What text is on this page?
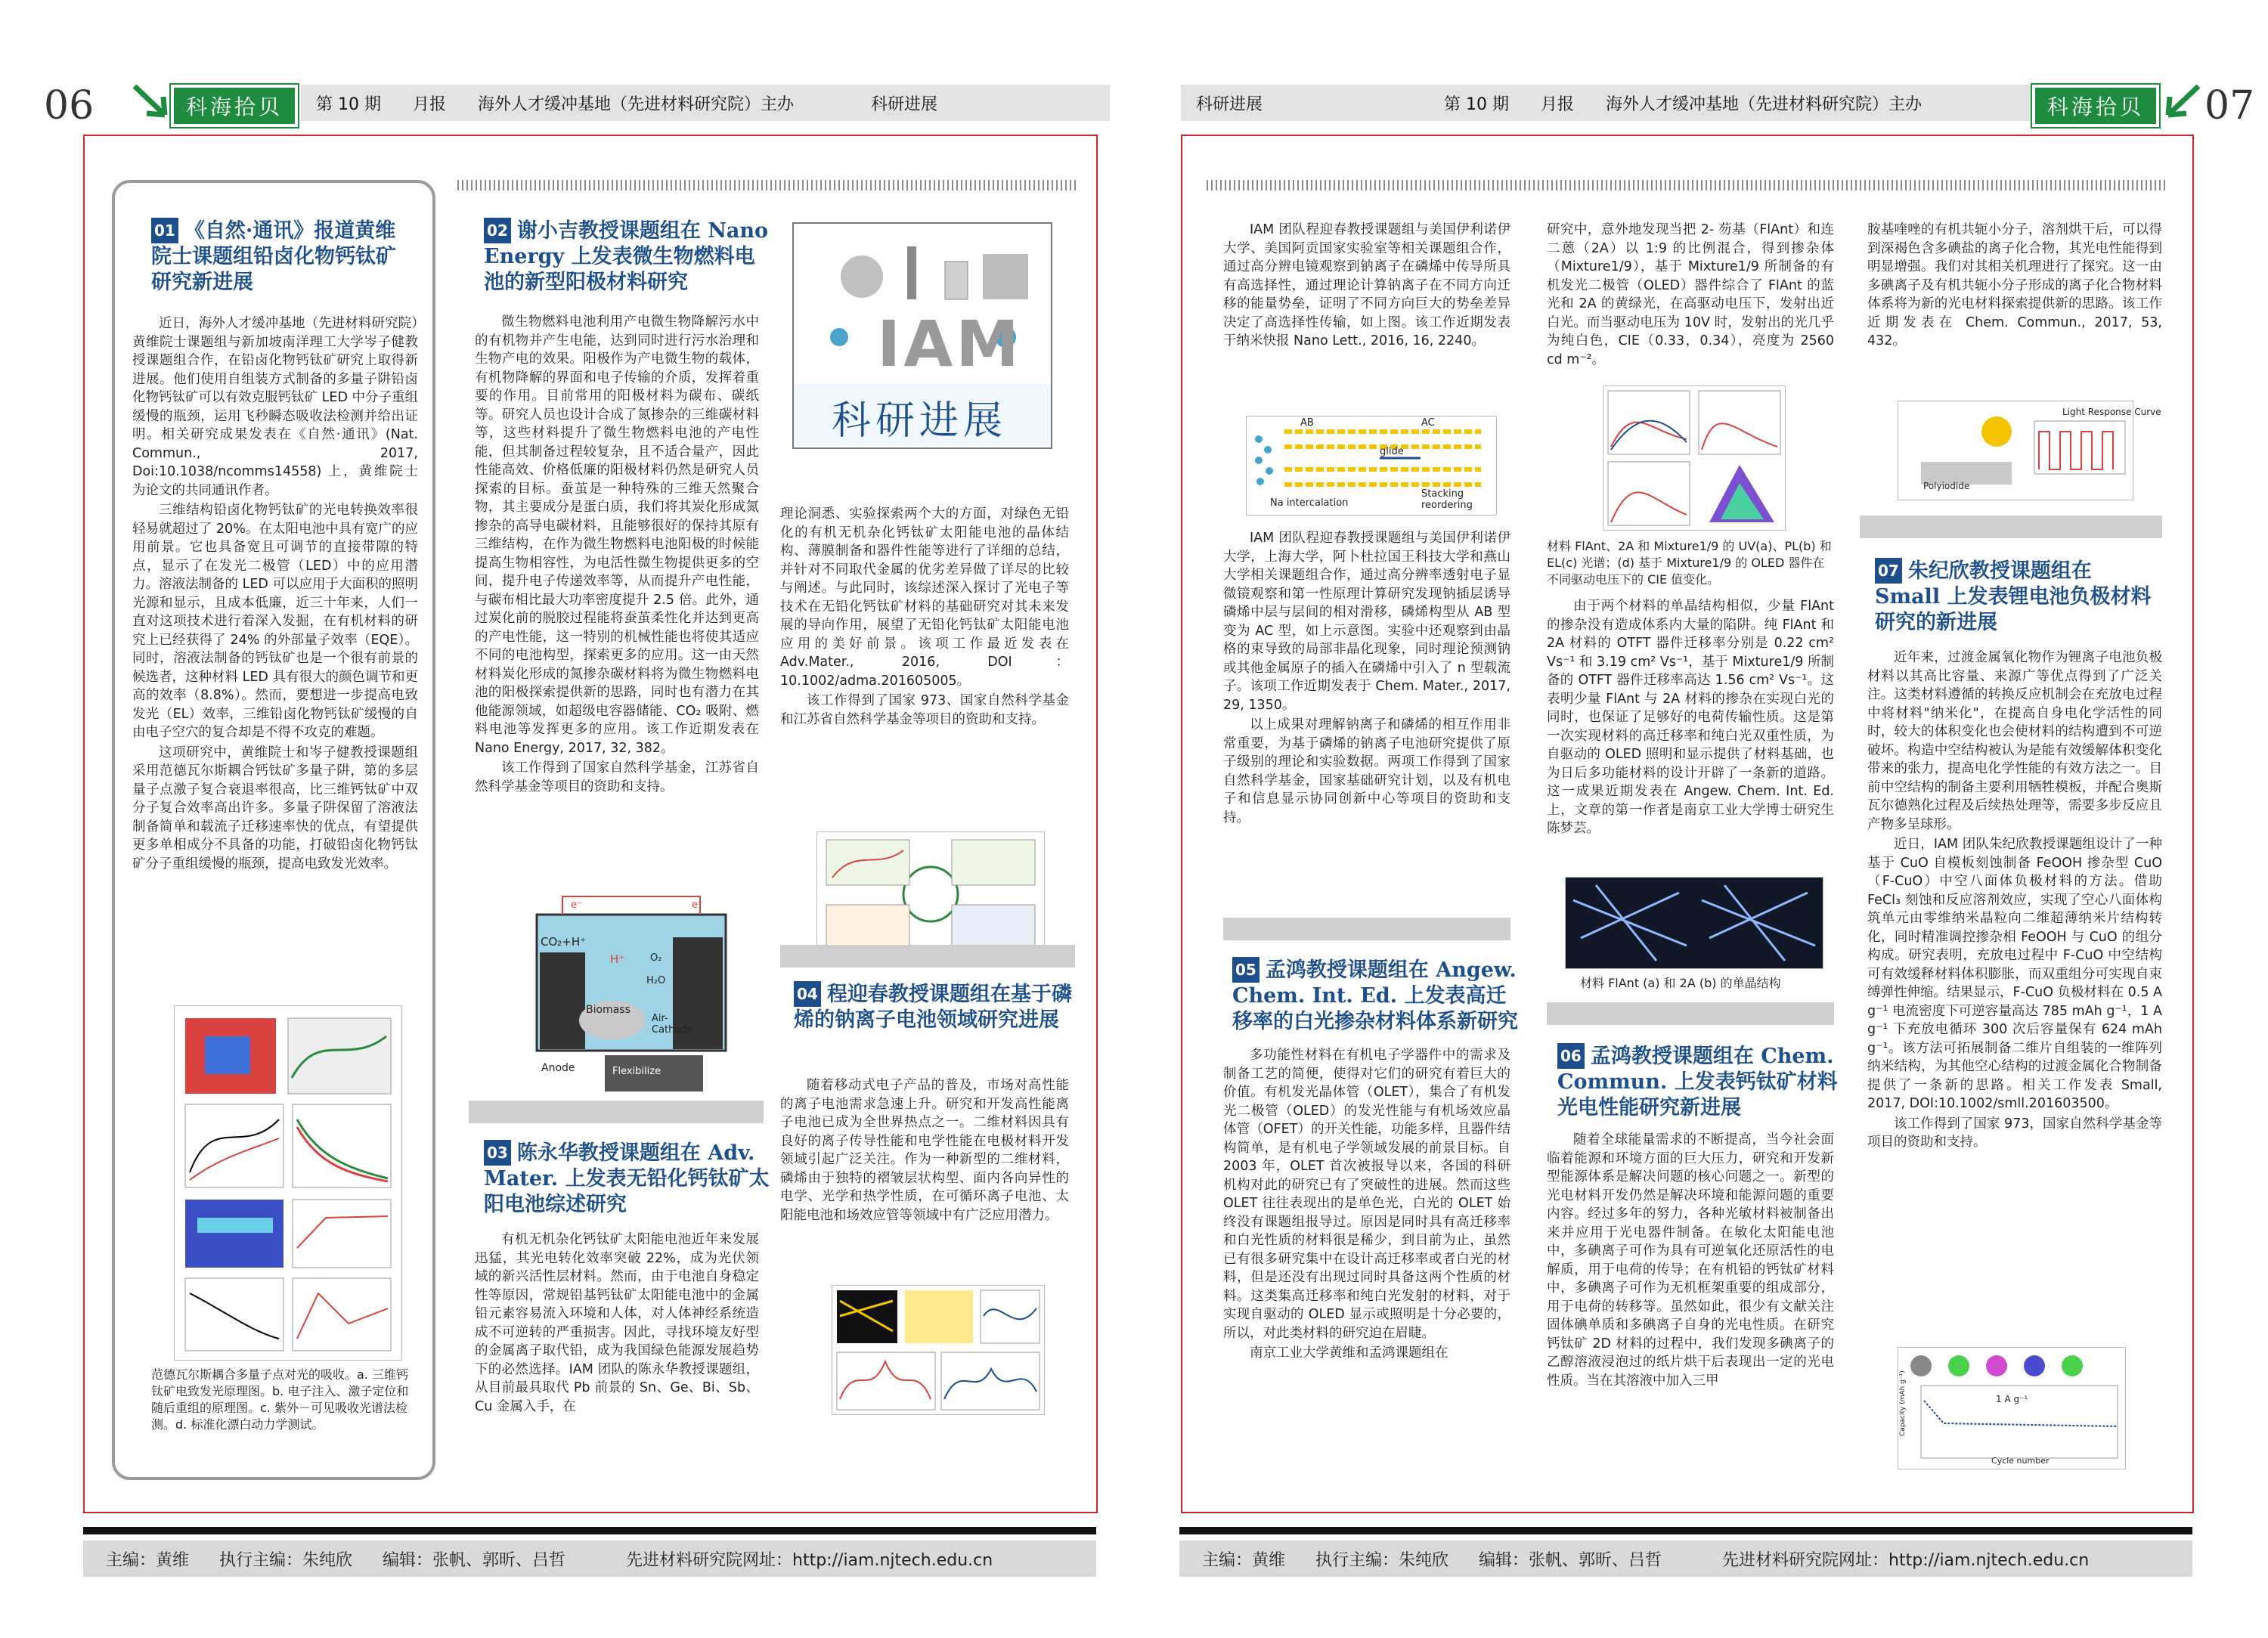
06	科海拾贝	第 10 期 月报 海外人才缓冲基地（先进材料研究院）主办	科研进展
01 《自然·通讯》报道黄维院士课题组铅卤化物钙钛矿研究新进展

近日，海外人才缓冲基地（先进材料研究院）黄维院士课题组与新加坡南洋理工大学岑子健教授课题组合作，在铅卤化物钙钛矿研究上取得新进展。他们使用自组装方式制备的多量子阱铅卤化物钙钛矿可以有效克服钙钛矿 LED 中分子重组缓慢的瓶颈，运用飞秒瞬态吸收法检测并给出证明。相关研究成果发表在《自然·通讯》(Nat. Commun., 2017, Doi:10.1038/ncomms14558) 上，黄维院士为论文的共同通讯作者。

三维结构铅卤化物钙钛矿的光电转换效率很轻易就超过了 20%。在太阳电池中具有宽广的应用前景。它也具备宽且可调节的直接带隙的特点，显示了在发光二极管（LED）中的应用潜力。溶液法制备的 LED 可以应用于大面积的照明光源和显示，且成本低廉，近三十年来，人们一直对这项技术进行着深入发掘，在有机材料的研究上已经获得了 24% 的外部量子效率（EQE）。同时，溶液法制备的钙钛矿也是一个很有前景的候选者，这种材料 LED 具有很大的颜色调节和更高的效率（8.8%）。然而，要想进一步提高电致发光（EL）效率，三维铅卤化物钙钛矿缓慢的自由电子空穴的复合却是不得不攻克的难题。

这项研究中，黄维院士和岑子健教授课题组采用范德瓦尔斯耦合钙钛矿多量子阱，第的多层量子点激子复合衰退率很高，比三维钙钛矿中双分子复合效率高出许多。多量子阱保留了溶液法制备简单和载流子迁移速率快的优点，有望提供更多单相成分不具备的功能，打破铅卤化物钙钛矿分子重组缓慢的瓶颈，提高电致发光效率。

范德瓦尔斯耦合多量子点对光的吸收。a. 三维钙钛矿电致发光原理图。b. 电子注入、激子定位和随后重组的原理图。c. 紫外－可见吸收光谱法检测。d. 标准化漂白动力学测试。
02 谢小吉教授课题组在 Nano Energy 上发表微生物燃料电池的新型阳极材料研究

微生物燃料电池利用产电微生物降解污水中的有机物并产生电能，达到同时进行污水治理和生物产电的效果。阳极作为产电微生物的载体，有机物降解的界面和电子传输的介质，发挥着重要的作用。目前常用的阳极材料为碳布、碳纸等。研究人员也设计合成了氮掺杂的三维碳材料等，这些材料提升了微生物燃料电池的产电性能，但其制备过程较复杂，且不适合量产，因此性能高效、价格低廉的阳极材料仍然是研究人员探索的目标。蚕茧是一种特殊的三维天然聚合物，其主要成分是蛋白质，我们将其炭化形成氮掺杂的高导电碳材料，且能够很好的保持其原有三维结构，在作为微生物燃料电池阳极的时候能提高生物相容性，为电活性微生物提供更多的空间，提升电子传递效率等，从而提升产电性能，与碳布相比最大功率密度提升 2.5 倍。此外，通过炭化前的脱胶过程能将蚕茧柔性化并达到更高的产电性能，这一特别的机械性能也将使其适应不同的电池构型，探索更多的应用。这一由天然材料炭化形成的氮掺杂碳材料将为微生物燃料电池的阳极探索提供新的思路，同时也有潜力在其他能源领域，如超级电容器储能、CO₂ 吸附、燃料电池等发挥更多的应用。该工作近期发表在 Nano Energy, 2017, 32, 382。

该工作得到了国家自然科学基金，江苏省自然科学基金等项目的资助和支持。

CO₂+H⁺
H⁺
H₂O
O₂
e⁻	e⁻
Biomass
Anode
Air-Cathode
Flexibilize
03 陈永华教授课题组在 Adv. Mater. 上发表无铅化钙钛矿太阳电池综述研究

有机无机杂化钙钛矿太阳能电池近年来发展迅猛，其光电转化效率突破 22%，成为光伏领域的新兴活性层材料。然而，由于电池自身稳定性等原因，常规铅基钙钛矿太阳能电池中的金属铅元素容易流入环境和人体，对人体神经系统造成不可逆转的严重损害。因此，寻找环境友好型的金属离子取代铅，成为我国绿色能源发展趋势下的必然选择。IAM 团队的陈永华教授课题组，从目前最具取代 Pb 前景的 Sn、Ge、Bi、Sb、Cu 金属入手，在

IAM
科研进展

理论洞悉、实验探索两个大的方面，对绿色无铅化的有机无机杂化钙钛矿太阳能电池的晶体结构、薄膜制备和器件性能等进行了详细的总结，并针对不同取代金属的优劣差异做了详尽的比较与阐述。与此同时，该综述深入探讨了光电子等技术在无铅化钙钛矿材料的基础研究对其未来发展的导向作用，展望了无铅化钙钛矿太阳能电池应用的美好前景。该项工作最近发表在 Adv.Mater., 2016, DOI：10.1002/adma.201605005。

该工作得到了国家 973、国家自然科学基金和江苏省自然科学基金等项目的资助和支持。

04 程迎春教授课题组在基于磷烯的钠离子电池领域研究进展

随着移动式电子产品的普及，市场对高性能的离子电池需求急速上升。研究和开发高性能离子电池已成为全世界热点之一。二维材料因具有良好的离子传导性能和电学性能在电极材料开发领域引起广泛关注。作为一种新型的二维材料，磷烯由于独特的褶皱层状构型、面内各向异性的电学、光学和热学性质，在可循环离子电池、太阳能电池和场效应管等领域中有广泛应用潜力。

主编：黄维 执行主编：朱纯欣 编辑：张帆、郭昕、吕哲	先进材料研究院网址：http://iam.njtech.edu.cn
科研进展	第 10 期 月报 海外人才缓冲基地（先进材料研究院）主办	科海拾贝	07

IAM 团队程迎春教授课题组与美国伊利诺伊大学、美国阿贡国家实验室等相关课题组合作，通过高分辨电镜观察到钠离子在磷烯中传导所具有高选择性，通过理论计算钠离子在不同方向迁移的能量势垒，证明了不同方向巨大的势垒差异决定了高选择性传输，如上图。该工作近期发表于纳米快报 Nano Lett., 2016, 16, 2240。

AB	AC
Na intercalation
glide
Stacking reordering

IAM 团队程迎春教授课题组与美国伊利诺伊大学，上海大学，阿卜杜拉国王科技大学和燕山大学相关课题组合作，通过高分辨率透射电子显微镜观察和第一性原理计算研究发现钠插层诱导磷烯中层与层间的相对滑移，磷烯构型从 AB 型变为 AC 型，如上示意图。实验中还观察到由晶格的束导致的局部非晶化现象，同时理论预测钠或其他金属原子的插入在磷烯中引入了 n 型载流子。该项工作近期发表于 Chem. Mater., 2017, 29, 1350。

以上成果对理解钠离子和磷烯的相互作用非常重要，为基于磷烯的钠离子电池研究提供了原子级别的理论和实验数据。两项工作得到了国家自然科学基金，国家基础研究计划，以及有机电子和信息显示协同创新中心等项目的资助和支持。

05 孟鸿教授课题组在 Angew. Chem. Int. Ed. 上发表高迁移率的白光掺杂材料体系新研究

多功能性材料在有机电子学器件中的需求及制备工艺的简便，使得对它们的研究有着巨大的价值。有机发光晶体管（OLET），集合了有机发光二极管（OLED）的发光性能与有机场效应晶体管（OFET）的开关性能，功能多样，且器件结构简单，是有机电子学领域发展的前景目标。自 2003 年，OLET 首次被报导以来，各国的科研机构对此的研究已有了突破性的进展。然而这些 OLET 往往表现出的是单色光，白光的 OLET 始终没有课题组报导过。原因是同时具有高迁移率和白光性质的材料很是稀少，到目前为止，虽然已有很多研究集中在设计高迁移率或者白光的材料，但是还没有出现过同时具备这两个性质的材料。这类集高迁移率和纯白光发射的材料，对于实现自驱动的 OLED 显示或照明是十分必要的，所以，对此类材料的研究迫在眉睫。

南京工业大学黄维和孟鸿课题组在

研究中，意外地发现当把 2- 芴基（FlAnt）和连二蒽（2A）以 1:9 的比例混合，得到掺杂体（Mixture1/9），基于 Mixture1/9 所制备的有机发光二极管（OLED）器件综合了 FlAnt 的蓝光和 2A 的黄绿光，在高驱动电压下，发射出近白光。而当驱动电压为 10V 时，发射出的光几乎为纯白色，CIE（0.33，0.34），亮度为 2560 cd m⁻²。

材料 FlAnt、2A 和 Mixture1/9 的 UV(a)、PL(b) 和 EL(c) 光谱；(d) 基于 Mixture1/9 的 OLED 器件在不同驱动电压下的 CIE 值变化。

由于两个材料的单晶结构相似，少量 FlAnt 的掺杂没有造成体系内大量的陷阱。纯 FlAnt 和 2A 材料的 OTFT 器件迁移率分别是 0.22 cm² Vs⁻¹ 和 3.19 cm² Vs⁻¹，基于 Mixture1/9 所制备的 OTFT 器件迁移率高达 1.56 cm² Vs⁻¹。这表明少量 FlAnt 与 2A 材料的掺杂在实现白光的同时，也保证了足够好的电荷传输性质。这是第一次实现材料的高迁移率和纯白光双重性质，为自驱动的 OLED 照明和显示提供了材料基础，也为日后多功能材料的设计开辟了一条新的道路。这一成果近期发表在 Angew. Chem. Int. Ed. 上，文章的第一作者是南京工业大学博士研究生陈梦芸。

材料 FlAnt (a) 和 2A (b) 的单晶结构
06 孟鸿教授课题组在 Chem. Commun. 上发表钙钛矿材料光电性能研究新进展

随着全球能量需求的不断提高，当今社会面临着能源和环境方面的巨大压力，研究和开发新型能源体系是解决问题的核心问题之一。新型的光电材料开发仍然是解决环境和能源问题的重要内容。经过多年的努力，各种光敏材料被制备出来并应用于光电器件制备。在敏化太阳能电池中，多碘离子可作为具有可逆氧化还原活性的电解质，用于电荷的传导；在有机铅的钙钛矿材料中，多碘离子可作为无机框架重要的组成部分，用于电荷的转移等。虽然如此，很少有文献关注固体碘单质和多碘离子自身的光电性质。在研究钙钛矿 2D 材料的过程中，我们发现多碘离子的乙醇溶液浸泡过的纸片烘干后表现出一定的光电性质。当在其溶液中加入三甲

胺基喹唑的有机共轭小分子，溶剂烘干后，可以得到深褐色含多碘盐的离子化合物，其光电性能得到明显增强。我们对其相关机理进行了探究。这一由多碘离子及有机共轭小分子形成的离子化合物材料体系将为新的光电材料探索提供新的思路。该工作近期发表在 Chem. Commun., 2017, 53, 432。

Light Response Curve
Polyiodide
07 朱纪欣教授课题组在 Small 上发表锂电池负极材料研究的新进展

近年来，过渡金属氧化物作为锂离子电池负极材料以其高比容量、来源广等优点得到了广泛关注。这类材料遵循的转换反应机制会在充放电过程中将材料"纳米化"，在提高自身电化学活性的同时，较大的体积变化也会使材料的结构遭到不可逆破坏。构造中空结构被认为是能有效缓解体积变化带来的张力，提高电化学性能的有效方法之一。目前中空结构的制备主要利用牺牲模板，并配合奥斯瓦尔德熟化过程及后续热处理等，需要多步反应且产物多呈球形。

近日，IAM 团队朱纪欣教授课题组设计了一种基于 CuO 自模板刻蚀制备 FeOOH 掺杂型 CuO（F-CuO）中空八面体负极材料的方法。借助 FeCl₃ 刻蚀和反应溶剂效应，实现了空心八面体构筑单元由零维纳米晶粒向二维超薄纳米片结构转化，同时精准调控掺杂相 FeOOH 与 CuO 的组分构成。研究表明，充放电过程中 F-CuO 中空结构可有效缓释材料体积膨胀，而双重组分可实现自束缚弹性伸缩。结果显示，F-CuO 负极材料在 0.5 A g⁻¹ 电流密度下可逆容量高达 785 mAh g⁻¹，1 A g⁻¹ 下充放电循环 300 次后容量保有 624 mAh g⁻¹。该方法可拓展制备二维片自组装的一维阵列纳米结构，为其他空心结构的过渡金属化合物制备提供了一条新的思路。相关工作发表 Small, 2017, DOI:10.1002/smll.201603500。

该工作得到了国家 973，国家自然科学基金等项目的资助和支持。

1 A g⁻¹
Cycle number
Capacity (mAh g⁻¹)
主编：黄维 执行主编：朱纯欣 编辑：张帆、郭昕、吕哲	先进材料研究院网址：http://iam.njtech.edu.cn
